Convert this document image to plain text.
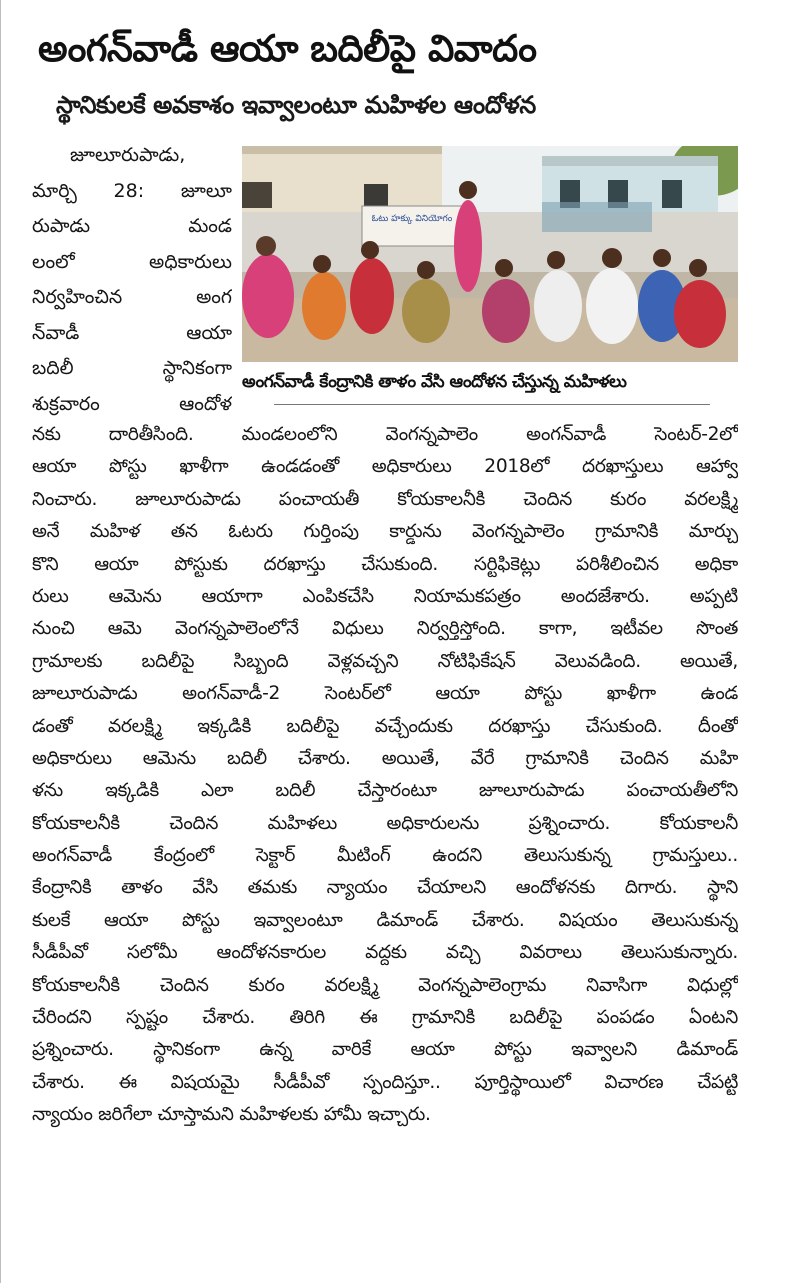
అంగన్‌వాడీ ఆయా బదిలీపై వివాదం
స్థానికులకే అవకాశం ఇవ్వాలంటూ మహిళల ఆందోళన
జూలూరుపాడు,
మార్చి 28: జూలూ
రుపాడు మండ
లంలో అధికారులు
నిర్వహించిన అంగ
న్‌వాడీ ఆయా
బదిలీ స్థానికంగా
శుక్రవారం ఆందోళ
ఓటు హక్కు వినియోగం
అంగన్‌వాడీ కేంద్రానికి తాళం వేసి ఆందోళన చేస్తున్న మహిళలు
నకు దారితీసింది. మండలంలోని వెంగన్నపాలెం అంగన్‌వాడీ సెంటర్-2లో
ఆయా పోస్టు ఖాళీగా ఉండడంతో అధికారులు 2018లో దరఖాస్తులు ఆహ్వా
నించారు. జూలూరుపాడు పంచాయతీ కోయకాలనీకి చెందిన కురం వరలక్ష్మి
అనే మహిళ తన ఓటరు గుర్తింపు కార్డును వెంగన్నపాలెం గ్రామానికి మార్చు
కొని ఆయా పోస్టుకు దరఖాస్తు చేసుకుంది. సర్టిఫికెట్లు పరిశీలించిన అధికా
రులు ఆమెను ఆయాగా ఎంపికచేసి నియామకపత్రం అందజేశారు. అప్పటి
నుంచి ఆమె వెంగన్నపాలెంలోనే విధులు నిర్వర్తిస్తోంది. కాగా, ఇటీవల సొంత
గ్రామాలకు బదిలీపై సిబ్బంది వెళ్లవచ్చని నోటిఫికేషన్ వెలువడింది. అయితే,
జూలూరుపాడు అంగన్‌వాడీ-2 సెంటర్‌లో ఆయా పోస్టు ఖాళీగా ఉండ
డంతో వరలక్ష్మి ఇక్కడికి బదిలీపై వచ్చేందుకు దరఖాస్తు చేసుకుంది. దీంతో
అధికారులు ఆమెను బదిలీ చేశారు. అయితే, వేరే గ్రామానికి చెందిన మహి
ళను ఇక్కడికి ఎలా బదిలీ చేస్తారంటూ జూలూరుపాడు పంచాయతీలోని
కోయకాలనీకి చెందిన మహిళలు అధికారులను ప్రశ్నించారు. కోయకాలనీ
అంగన్‌వాడీ కేంద్రంలో సెక్టార్ మీటింగ్ ఉందని తెలుసుకున్న గ్రామస్తులు..
కేంద్రానికి తాళం వేసి తమకు న్యాయం చేయాలని ఆందోళనకు దిగారు. స్థాని
కులకే ఆయా పోస్టు ఇవ్వాలంటూ డిమాండ్ చేశారు. విషయం తెలుసుకున్న
సీడీపీవో సలోమీ ఆందోళనకారుల వద్దకు వచ్చి వివరాలు తెలుసుకున్నారు.
కోయకాలనీకి చెందిన కురం వరలక్ష్మి వెంగన్నపాలెంగ్రామ నివాసిగా విధుల్లో
చేరిందని స్పష్టం చేశారు. తిరిగి ఈ గ్రామానికి బదిలీపై పంపడం ఏంటని
ప్రశ్నించారు. స్థానికంగా ఉన్న వారికే ఆయా పోస్టు ఇవ్వాలని డిమాండ్
చేశారు. ఈ విషయమై సీడీపీవో స్పందిస్తూ.. పూర్తిస్థాయిలో విచారణ చేపట్టి
న్యాయం జరిగేలా చూస్తామని మహిళలకు హామీ ఇచ్చారు.
